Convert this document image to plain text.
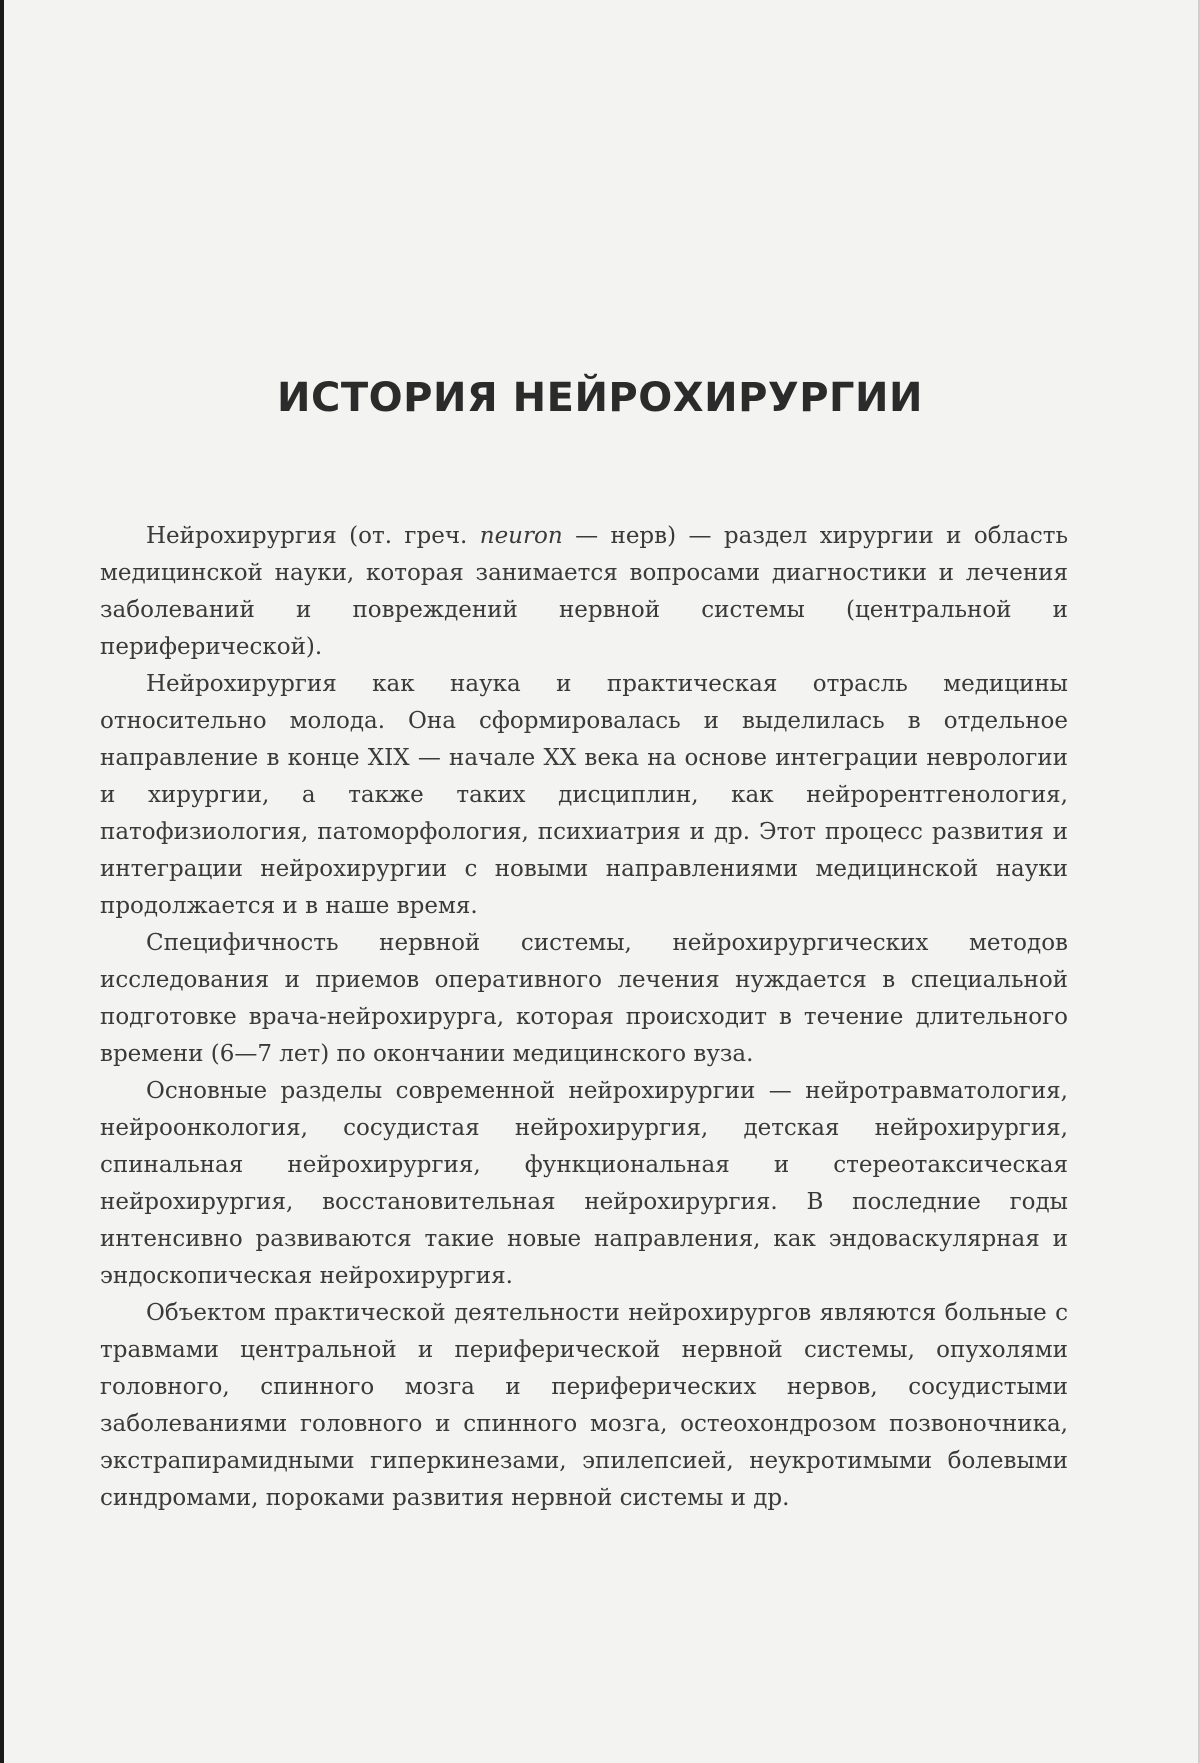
ИСТОРИЯ НЕЙРОХИРУРГИИ

Нейрохирургия (от. греч. neuron — нерв) — раздел хирургии и область медицинской науки, которая занимается вопросами диагностики и лечения заболеваний и повреждений нервной системы (центральной и периферической).

Нейрохирургия как наука и практическая отрасль медицины относительно молода. Она сформировалась и выделилась в отдельное направление в конце XIX — начале XX века на основе интеграции неврологии и хирургии, а также таких дисциплин, как нейрорентгенология, патофизиология, патоморфология, психиатрия и др. Этот процесс развития и интеграции нейрохирургии с новыми направлениями медицинской науки продолжается и в наше время.

Специфичность нервной системы, нейрохирургических методов исследования и приемов оперативного лечения нуждается в специальной подготовке врача-нейрохирурга, которая происходит в течение длительного времени (6—7 лет) по окончании медицинского вуза.

Основные разделы современной нейрохирургии — нейротравматология, нейроонкология, сосудистая нейрохирургия, детская нейрохирургия, спинальная нейрохирургия, функциональная и стереотаксическая нейрохирургия, восстановительная нейрохирургия. В последние годы интенсивно развиваются такие новые направления, как эндоваскулярная и эндоскопическая нейрохирургия.

Объектом практической деятельности нейрохирургов являются больные с травмами центральной и периферической нервной системы, опухолями головного, спинного мозга и периферических нервов, сосудистыми заболеваниями головного и спинного мозга, остеохондрозом позвоночника, экстрапирамидными гиперкинезами, эпилепсией, неукротимыми болевыми синдромами, пороками развития нервной системы и др.
